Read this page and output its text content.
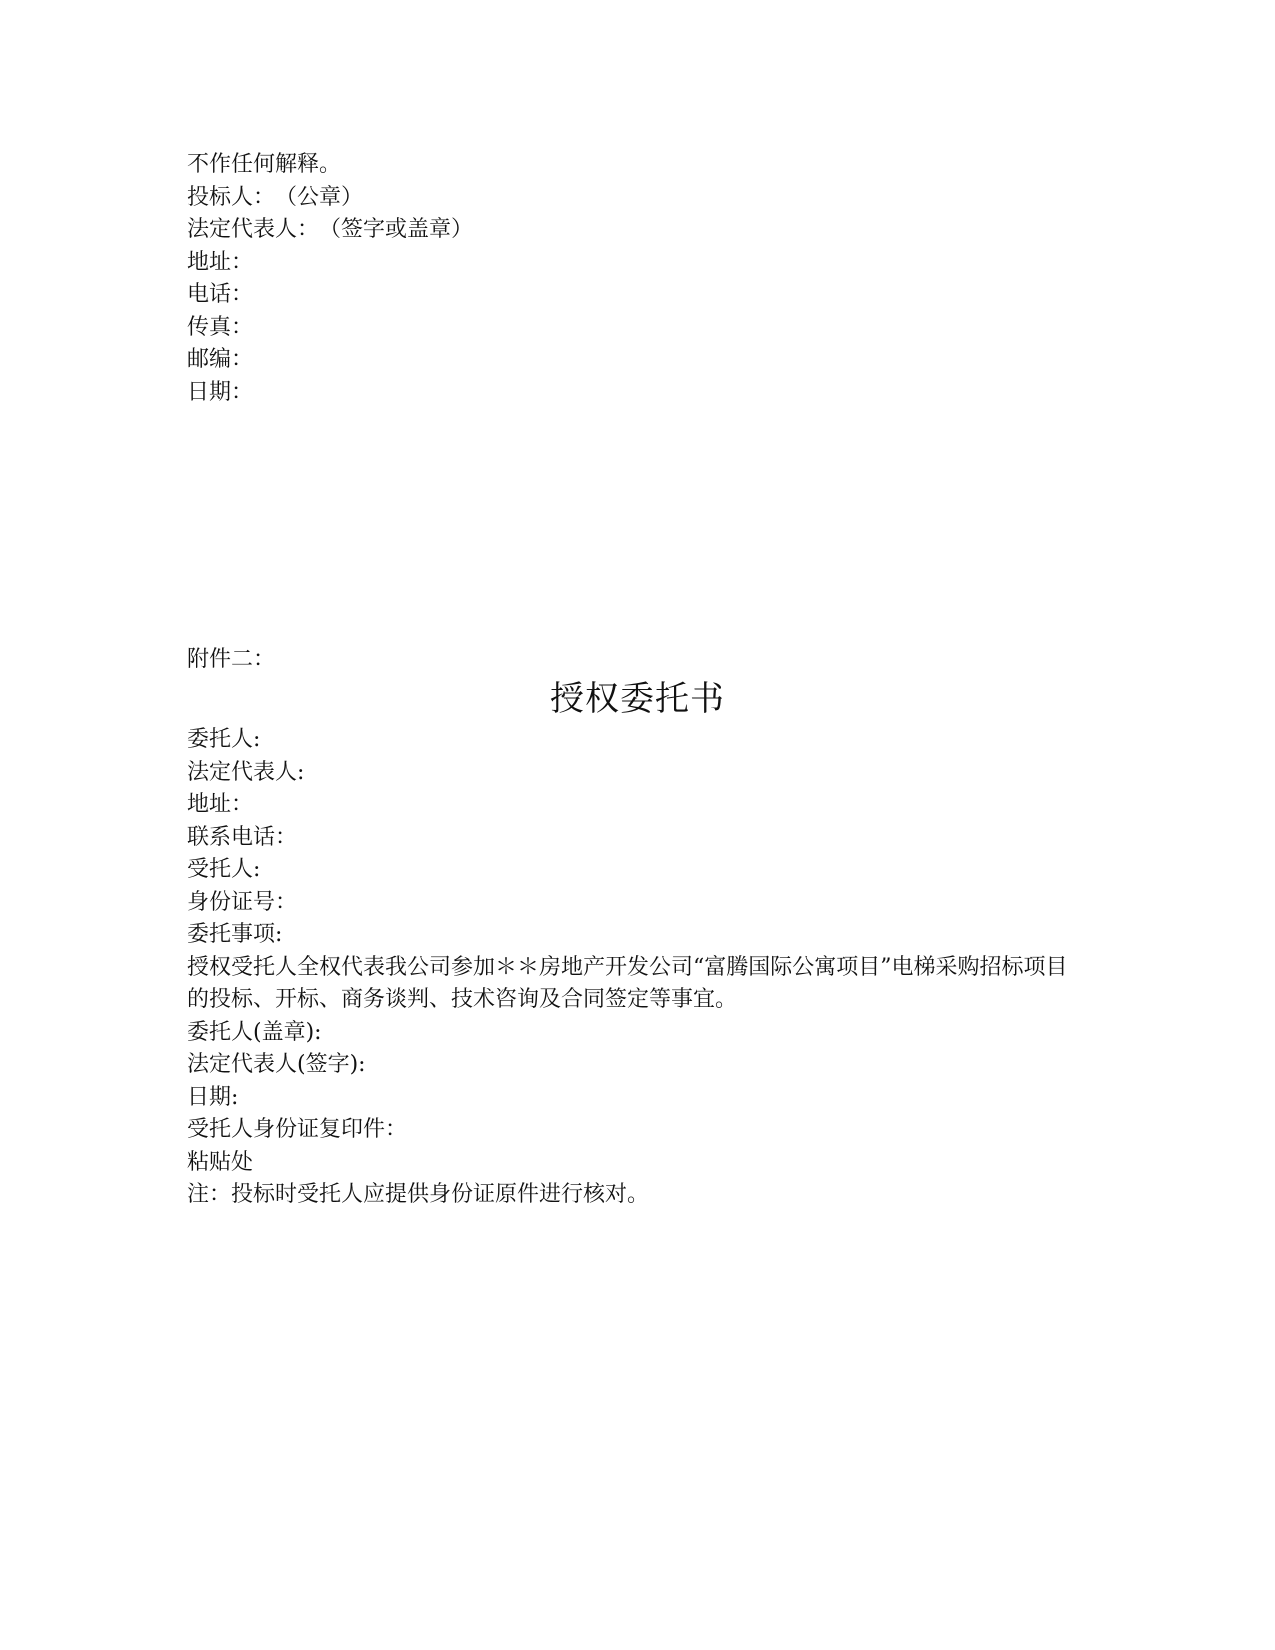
不作任何解释。
投标人：　（公章）
法定代表人：　（签字或盖章）
地址：
电话：
传真：
邮编：
日期：
附件二：
授权委托书
委托人:
法定代表人:
地址：
联系电话：
受托人:
身份证号：
委托事项:
授权受托人全权代表我公司参加＊＊房地产开发公司“富腾国际公寓项目”电梯采购招标项目的投标、开标、商务谈判、技术咨询及合同签定等事宜。
委托人(盖章):
法定代表人(签字):
日期:
受托人身份证复印件：
粘贴处
注：投标时受托人应提供身份证原件进行核对。
